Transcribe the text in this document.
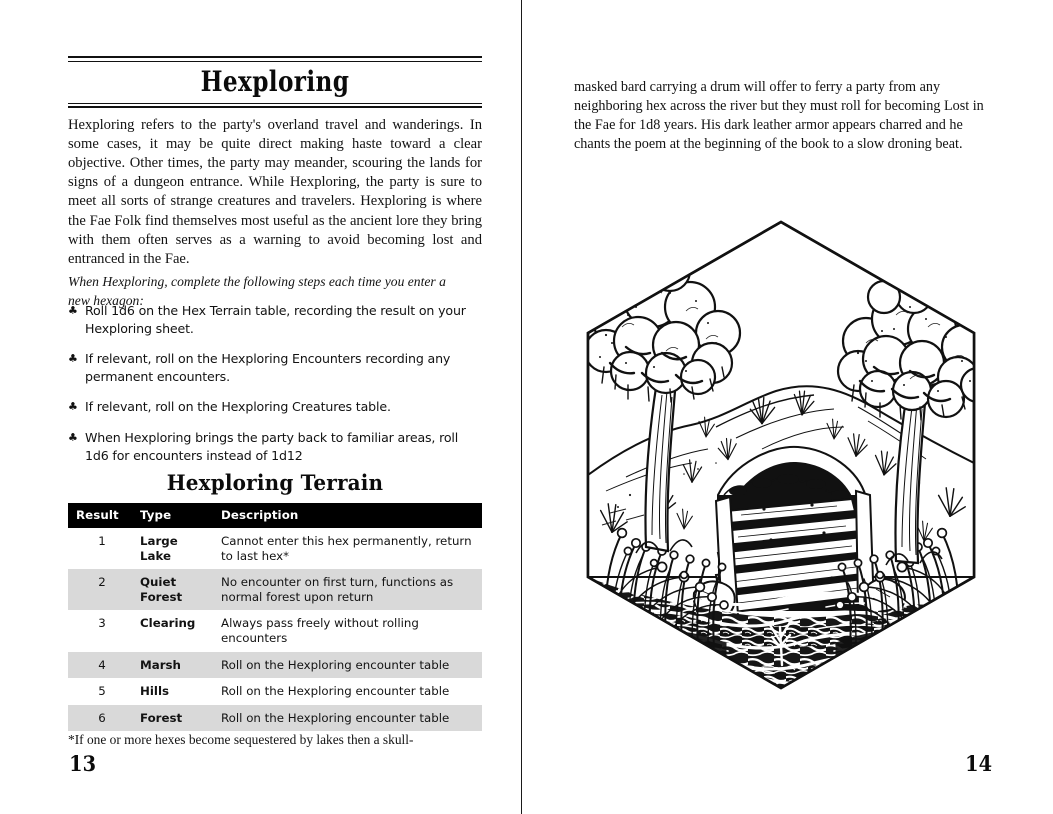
Hexploring

Hexploring refers to the party's overland travel and wanderings. In some cases, it may be quite direct making haste toward a clear objective. Other times, the party may meander, scouring the lands for signs of a dungeon entrance. While Hexploring, the party is sure to meet all sorts of strange creatures and travelers. Hexploring is where the Fae Folk find themselves most useful as the ancient lore they bring with them often serves as a warning to avoid becoming lost and entranced in the Fae.

When Hexploring, complete the following steps each time you enter a new hexagon:

♣ Roll 1d6 on the Hex Terrain table, recording the result on your Hexploring sheet.
♣ If relevant, roll on the Hexploring Encounters recording any permanent encounters.
♣ If relevant, roll on the Hexploring Creatures table.
♣ When Hexploring brings the party back to familiar areas, roll 1d6 for encounters instead of 1d12
Hexploring Terrain
Result	Type	Description
1	Large Lake	Cannot enter this hex permanently, return to last hex*
2	Quiet Forest	No encounter on first turn, functions as normal forest upon return
3	Clearing	Always pass freely without rolling encounters
4	Marsh	Roll on the Hexploring encounter table
5	Hills	Roll on the Hexploring encounter table
6	Forest	Roll on the Hexploring encounter table

*If one or more hexes become sequestered by lakes then a skull-

13

masked bard carrying a drum will offer to ferry a party from any neighboring hex across the river but they must roll for becoming Lost in the Fae for 1d8 years. His dark leather armor appears charred and he chants the poem at the beginning of the book to a slow droning beat.

14
